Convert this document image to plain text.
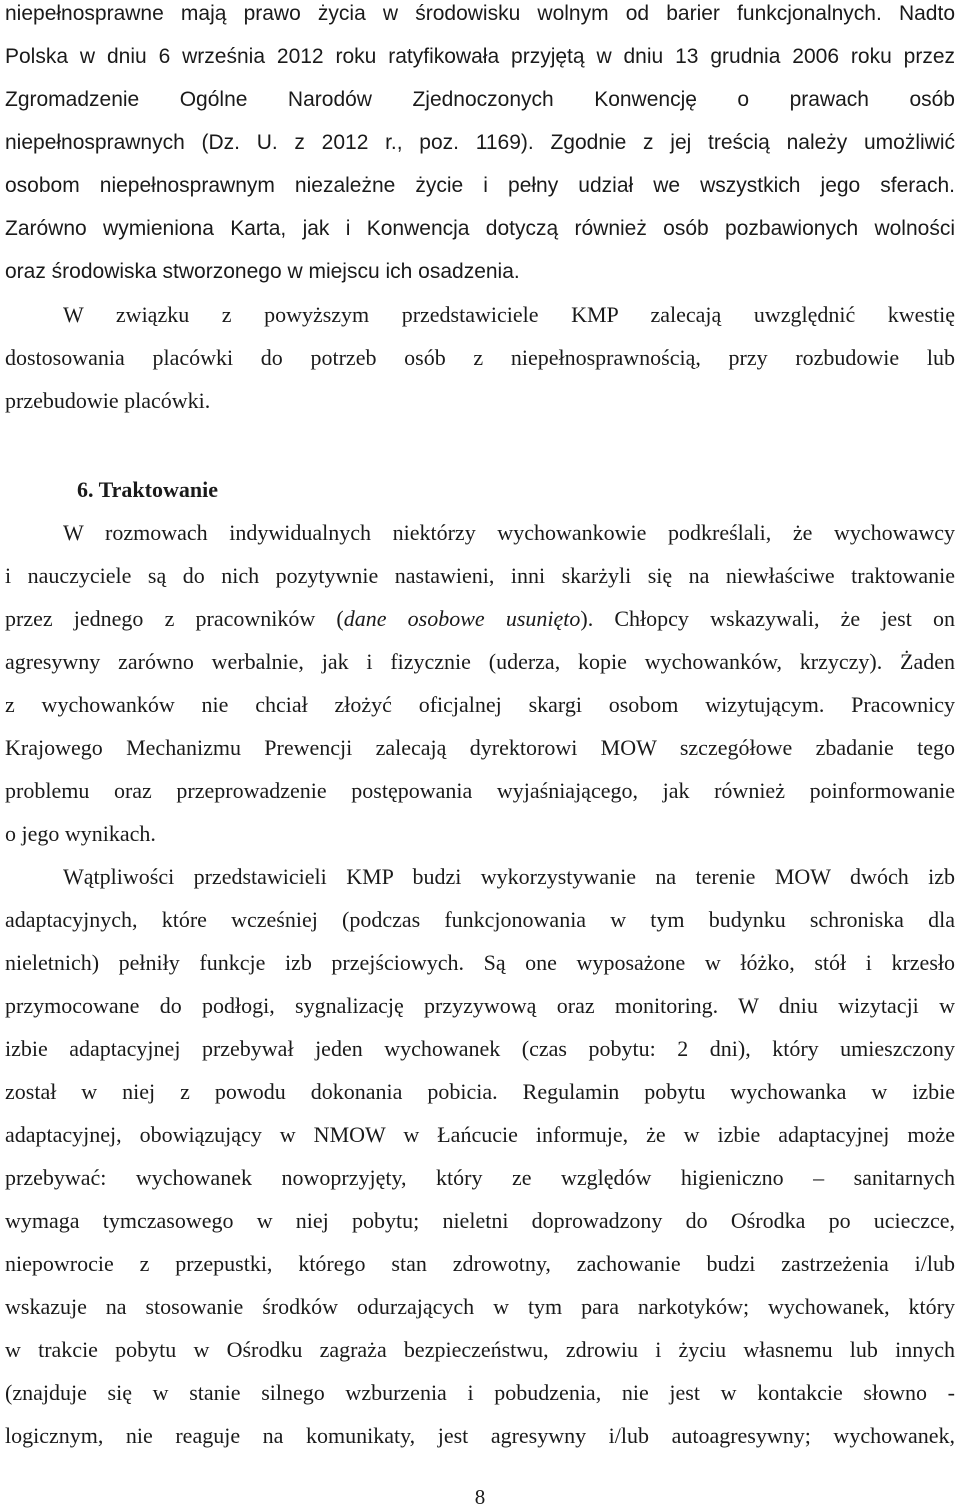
niepełnosprawne mają prawo życia w środowisku wolnym od barier funkcjonalnych. Nadto
Polska w dniu 6 września 2012 roku ratyfikowała przyjętą w dniu 13 grudnia 2006 roku przez
Zgromadzenie Ogólne Narodów Zjednoczonych Konwencję o prawach osób
niepełnosprawnych (Dz. U. z 2012 r., poz. 1169). Zgodnie z jej treścią należy umożliwić
osobom niepełnosprawnym niezależne życie i pełny udział we wszystkich jego sferach.
Zarówno wymieniona Karta, jak i Konwencja dotyczą również osób pozbawionych wolności
oraz środowiska stworzonego w miejscu ich osadzenia.
W związku z powyższym przedstawiciele KMP zalecają uwzględnić kwestię
dostosowania placówki do potrzeb osób z niepełnosprawnością, przy rozbudowie lub
przebudowie placówki.
6. Traktowanie
W rozmowach indywidualnych niektórzy wychowankowie podkreślali, że wychowawcy
i nauczyciele są do nich pozytywnie nastawieni, inni skarżyli się na niewłaściwe traktowanie
przez jednego z pracowników (dane osobowe usunięto). Chłopcy wskazywali, że jest on
agresywny zarówno werbalnie, jak i fizycznie (uderza, kopie wychowanków, krzyczy). Żaden
z wychowanków nie chciał złożyć oficjalnej skargi osobom wizytującym. Pracownicy
Krajowego Mechanizmu Prewencji zalecają dyrektorowi MOW szczegółowe zbadanie tego
problemu oraz przeprowadzenie postępowania wyjaśniającego, jak również poinformowanie
o jego wynikach.
Wątpliwości przedstawicieli KMP budzi wykorzystywanie na terenie MOW dwóch izb
adaptacyjnych, które wcześniej (podczas funkcjonowania w tym budynku schroniska dla
nieletnich) pełniły funkcje izb przejściowych. Są one wyposażone w łóżko, stół i krzesło
przymocowane do podłogi, sygnalizację przyzywową oraz monitoring. W dniu wizytacji w
izbie adaptacyjnej przebywał jeden wychowanek (czas pobytu: 2 dni), który umieszczony
został w niej z powodu dokonania pobicia. Regulamin pobytu wychowanka w izbie
adaptacyjnej, obowiązujący w NMOW w Łańcucie informuje, że w izbie adaptacyjnej może
przebywać: wychowanek nowoprzyjęty, który ze względów higieniczno – sanitarnych
wymaga tymczasowego w niej pobytu; nieletni doprowadzony do Ośrodka po ucieczce,
niepowrocie z przepustki, którego stan zdrowotny, zachowanie budzi zastrzeżenia i/lub
wskazuje na stosowanie środków odurzających w tym para narkotyków; wychowanek, który
w trakcie pobytu w Ośrodku zagraża bezpieczeństwu, zdrowiu i życiu własnemu lub innych
(znajduje się w stanie silnego wzburzenia i pobudzenia, nie jest w kontakcie słowno -
logicznym, nie reaguje na komunikaty, jest agresywny i/lub autoagresywny; wychowanek,
8
